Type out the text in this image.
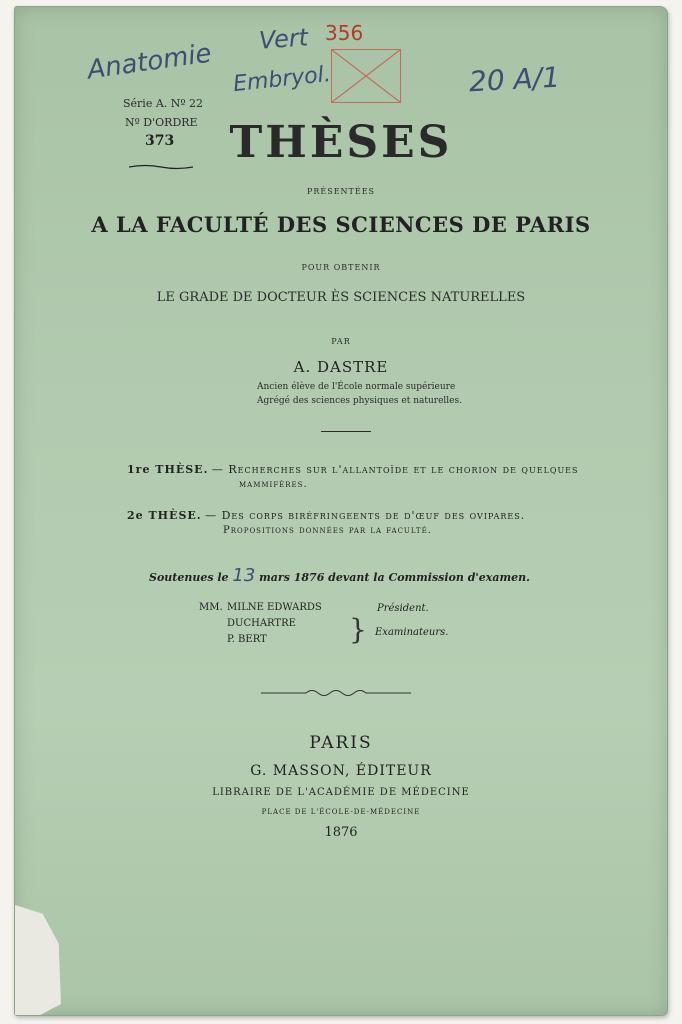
Anatomie Vert
Embryol.
356
20 A/1
Série A. Nº 22
Nº D'ORDRE
373	THÈSES
PRÉSENTÉES
A LA FACULTÉ DES SCIENCES DE PARIS
POUR OBTENIR
LE GRADE DE DOCTEUR ÈS SCIENCES NATURELLES
PAR
A. DASTRE
Ancien élève de l'École normale supérieure
Agrégé des sciences physiques et naturelles.
1re THÈSE. — Recherches sur l'allantoïde et le chorion de quelques
mammifères.
2e THÈSE. — Des corps biréfringeents de d'œuf des ovipares.
Propositions données par la faculté.
Soutenues le 13 mars 1876 devant la Commission d'examen.
MM. MILNE EDWARDS
DUCHARTRE
P. BERT	}
Président.
Examinateurs.
PARIS
G. MASSON, ÉDITEUR
LIBRAIRE DE L'ACADÉMIE DE MÉDECINE
PLACE DE L'ÉCOLE-DE-MÉDECINE
1876
